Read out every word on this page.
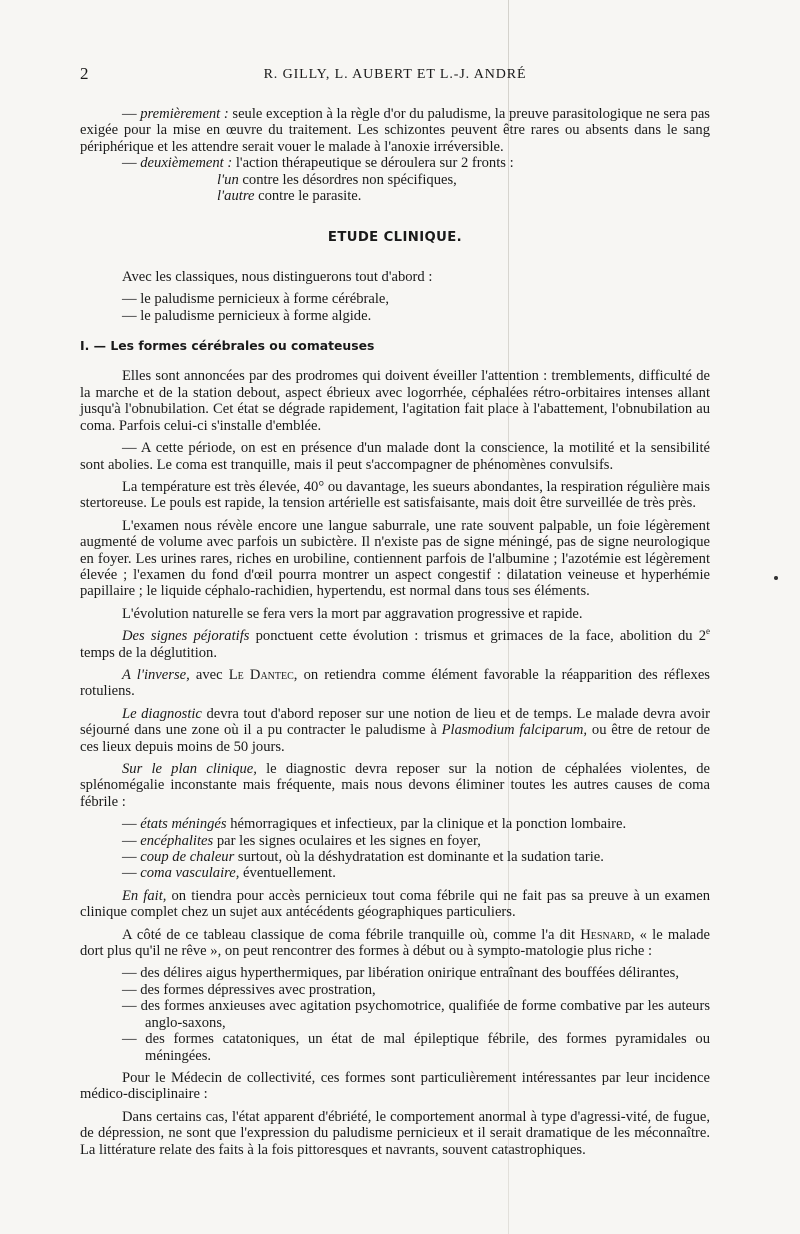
2	R. GILLY, L. AUBERT ET L.-J. ANDRÉ

— premièrement : seule exception à la règle d'or du paludisme, la preuve parasitologique ne sera pas exigée pour la mise en œuvre du traitement. Les schizontes peuvent être rares ou absents dans le sang périphérique et les attendre serait vouer le malade à l'anoxie irréversible.

— deuxièmement : l'action thérapeutique se déroulera sur 2 fronts :

l'un contre les désordres non spécifiques,

l'autre contre le parasite.

ETUDE CLINIQUE.

Avec les classiques, nous distinguerons tout d'abord :

— le paludisme pernicieux à forme cérébrale,

— le paludisme pernicieux à forme algide.

I. — Les formes cérébrales ou comateuses

Elles sont annoncées par des prodromes qui doivent éveiller l'attention : tremblements, difficulté de la marche et de la station debout, aspect ébrieux avec logorrhée, céphalées rétro-orbitaires intenses allant jusqu'à l'obnubilation. Cet état se dégrade rapidement, l'agitation fait place à l'abattement, l'obnubilation au coma. Parfois celui-ci s'installe d'emblée.

— A cette période, on est en présence d'un malade dont la conscience, la motilité et la sensibilité sont abolies. Le coma est tranquille, mais il peut s'accompagner de phénomènes convulsifs.

La température est très élevée, 40° ou davantage, les sueurs abondantes, la respiration régulière mais stertoreuse. Le pouls est rapide, la tension artérielle est satisfaisante, mais doit être surveillée de très près.

L'examen nous révèle encore une langue saburrale, une rate souvent palpable, un foie légèrement augmenté de volume avec parfois un subictère. Il n'existe pas de signe méningé, pas de signe neurologique en foyer. Les urines rares, riches en urobiline, contiennent parfois de l'albumine ; l'azotémie est légèrement élevée ; l'examen du fond d'œil pourra montrer un aspect congestif : dilatation veineuse et hyperhémie papillaire ; le liquide céphalo-rachidien, hypertendu, est normal dans tous ses éléments.

L'évolution naturelle se fera vers la mort par aggravation progressive et rapide.

Des signes péjoratifs ponctuent cette évolution : trismus et grimaces de la face, abolition du 2e temps de la déglutition.

A l'inverse, avec Le Dantec, on retiendra comme élément favorable la réapparition des réflexes rotuliens.

Le diagnostic devra tout d'abord reposer sur une notion de lieu et de temps. Le malade devra avoir séjourné dans une zone où il a pu contracter le paludisme à Plasmodium falciparum, ou être de retour de ces lieux depuis moins de 50 jours.

Sur le plan clinique, le diagnostic devra reposer sur la notion de céphalées violentes, de splénomégalie inconstante mais fréquente, mais nous devons éliminer toutes les autres causes de coma fébrile :

— états méningés hémorragiques et infectieux, par la clinique et la ponction lombaire.

— encéphalites par les signes oculaires et les signes en foyer,

— coup de chaleur surtout, où la déshydratation est dominante et la sudation tarie.

— coma vasculaire, éventuellement.

En fait, on tiendra pour accès pernicieux tout coma fébrile qui ne fait pas sa preuve à un examen clinique complet chez un sujet aux antécédents géographiques particuliers.

A côté de ce tableau classique de coma fébrile tranquille où, comme l'a dit Hesnard, « le malade dort plus qu'il ne rêve », on peut rencontrer des formes à début ou à sympto-matologie plus riche :

— des délires aigus hyperthermiques, par libération onirique entraînant des bouffées délirantes,

— des formes dépressives avec prostration,

— des formes anxieuses avec agitation psychomotrice, qualifiée de forme combative par les auteurs anglo-saxons,

— des formes catatoniques, un état de mal épileptique fébrile, des formes pyramidales ou méningées.

Pour le Médecin de collectivité, ces formes sont particulièrement intéressantes par leur incidence médico-disciplinaire :

Dans certains cas, l'état apparent d'ébriété, le comportement anormal à type d'agressi-vité, de fugue, de dépression, ne sont que l'expression du paludisme pernicieux et il serait dramatique de les méconnaître. La littérature relate des faits à la fois pittoresques et navrants, souvent catastrophiques.
